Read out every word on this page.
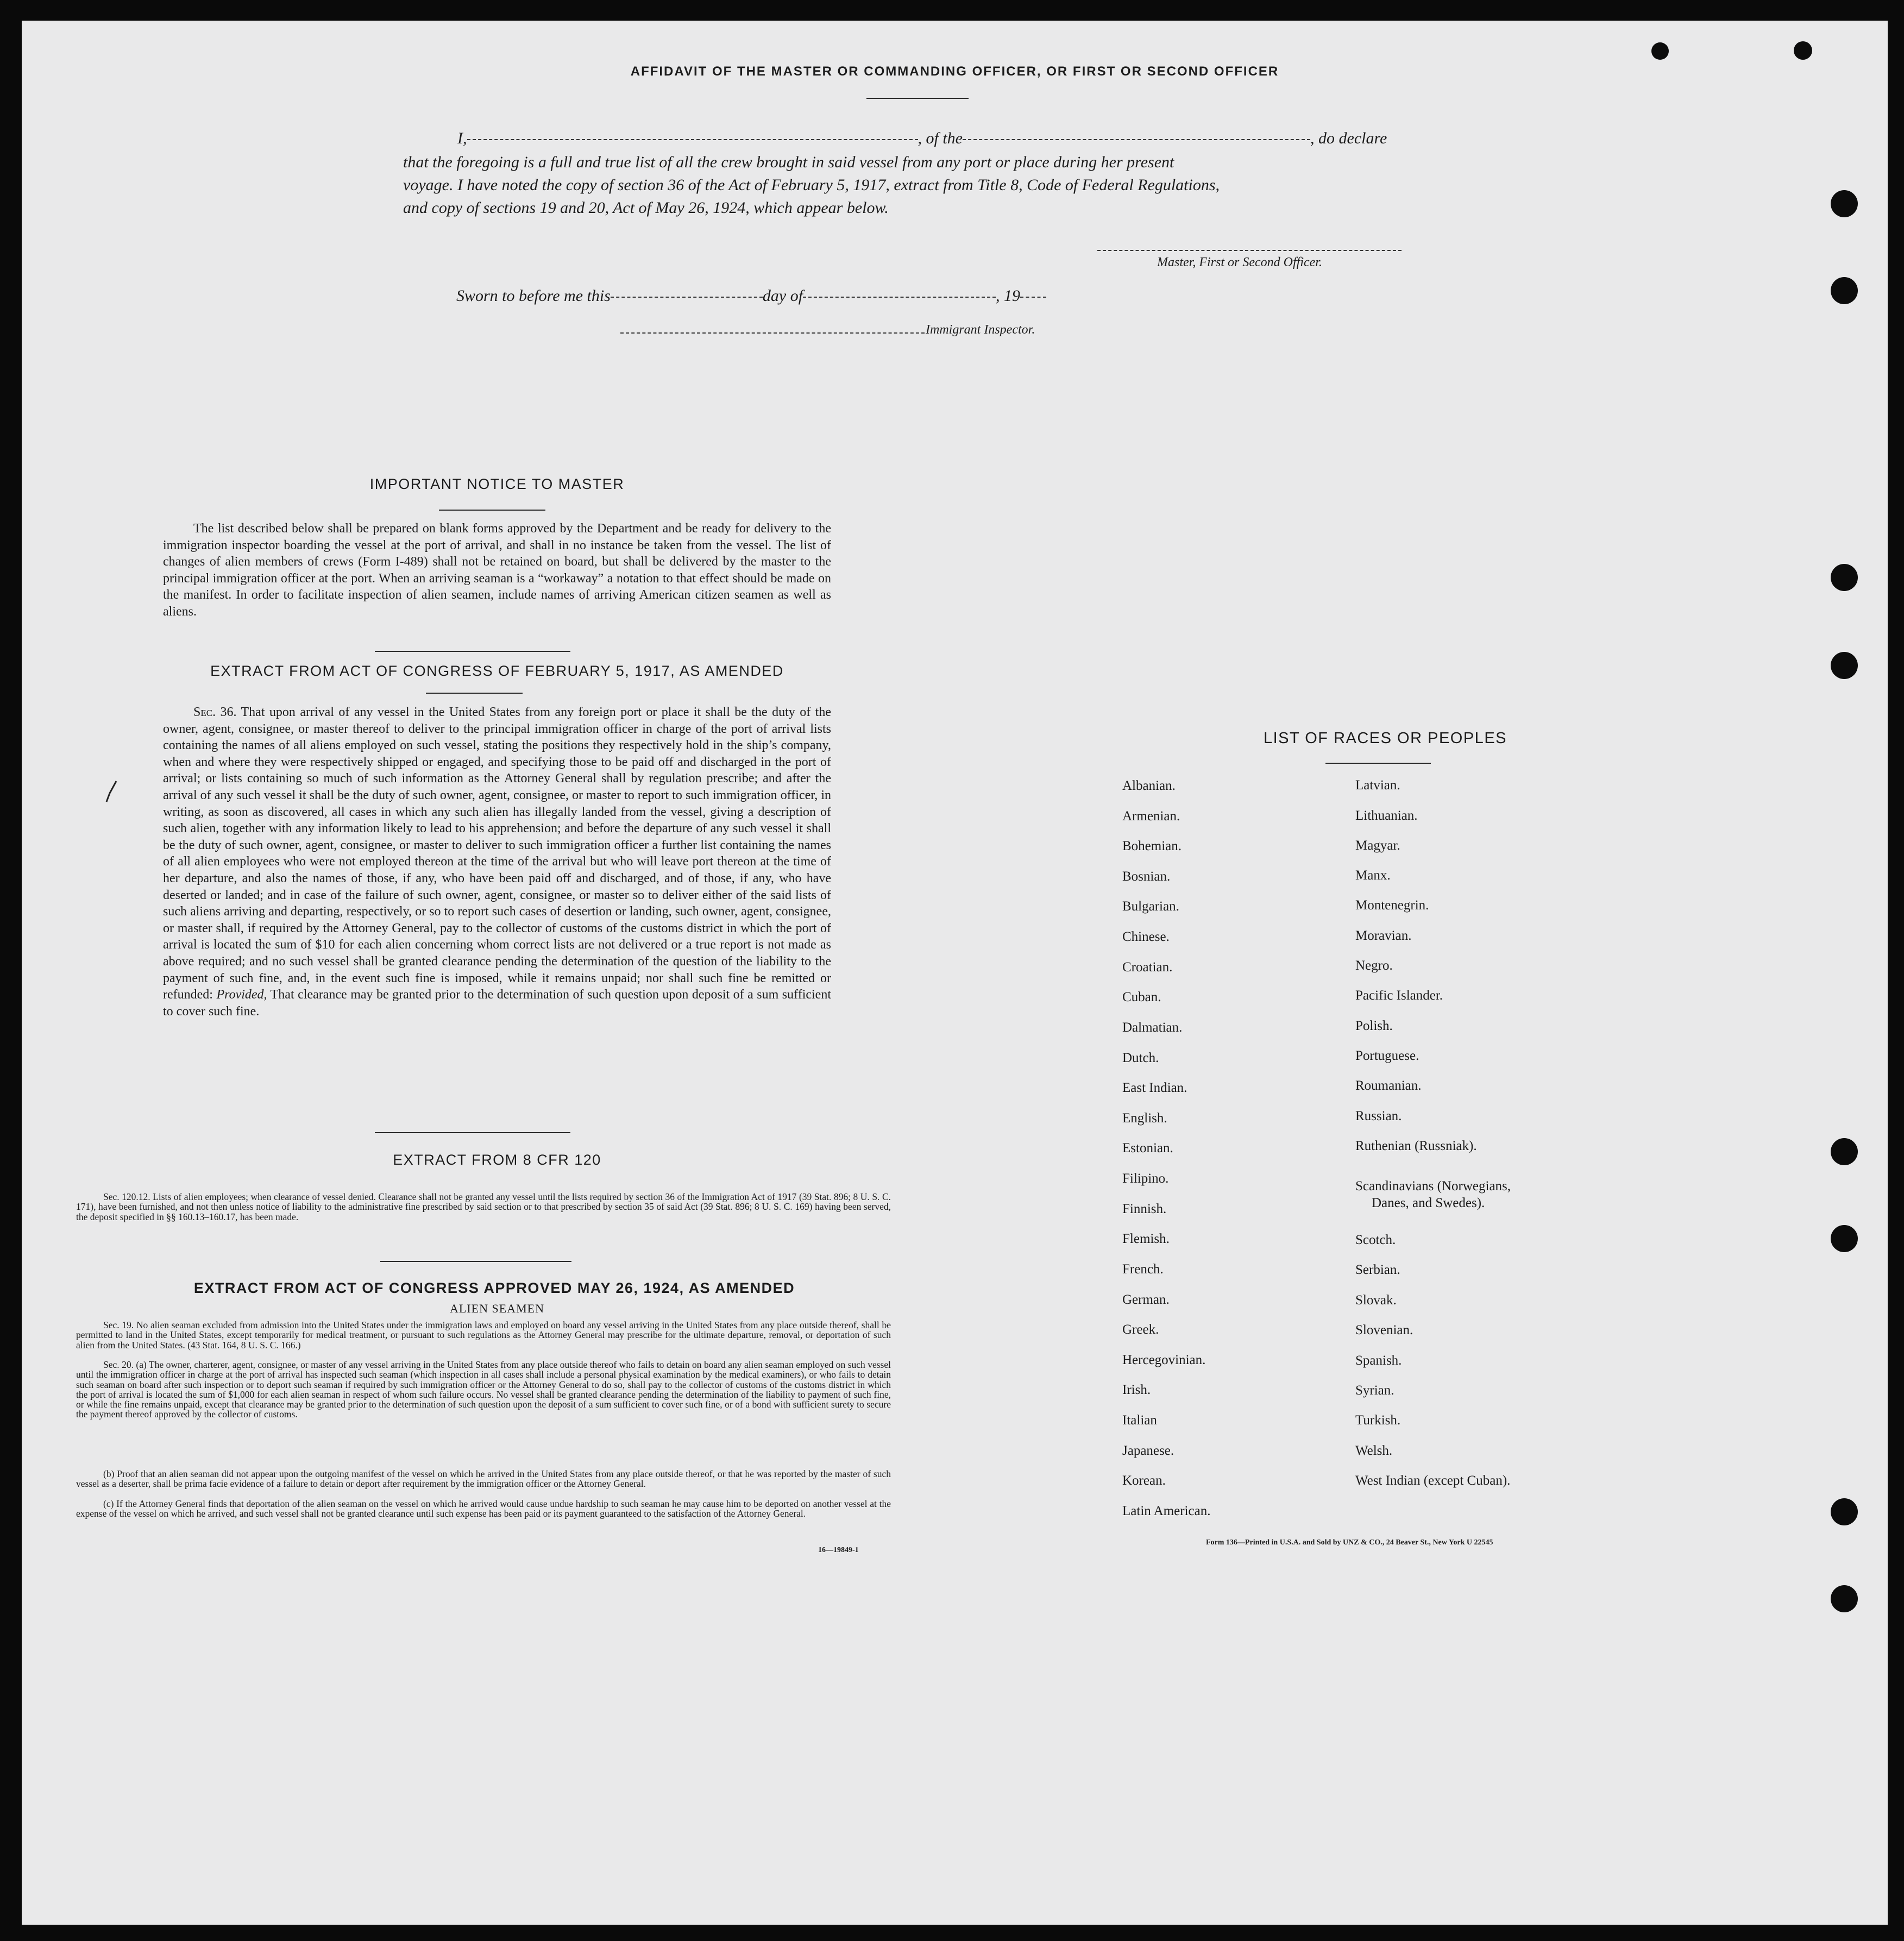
AFFIDAVIT OF THE MASTER OR COMMANDING OFFICER, OR FIRST OR SECOND OFFICER
I,	, of the	, do declare
that the foregoing is a full and true list of all the crew brought in said vessel from any port or place during her present
voyage. I have noted the copy of section 36 of the Act of February 5, 1917, extract from Title 8, Code of Federal Regulations,
and copy of sections 19 and 20, Act of May 26, 1924, which appear below.
Master, First or Second Officer.
Sworn to before me this	day of	, 19
Immigrant Inspector.
IMPORTANT NOTICE TO MASTER
The list described below shall be prepared on blank forms approved by the Department and be ready for delivery to the immigration inspector boarding the vessel at the port of arrival, and shall in no instance be taken from the vessel. The list of changes of alien members of crews (Form I-489) shall not be retained on board, but shall be delivered by the master to the principal immigration officer at the port. When an arriving seaman is a “workaway” a notation to that effect should be made on the manifest. In order to facilitate inspection of alien seamen, include names of arriving American citizen seamen as well as aliens.
EXTRACT FROM ACT OF CONGRESS OF FEBRUARY 5, 1917, AS AMENDED
Sec. 36. That upon arrival of any vessel in the United States from any foreign port or place it shall be the duty of the owner, agent, consignee, or master thereof to deliver to the principal immigration officer in charge of the port of arrival lists containing the names of all aliens employed on such vessel, stating the positions they respectively hold in the ship’s company, when and where they were respectively shipped or engaged, and specifying those to be paid off and discharged in the port of arrival; or lists containing so much of such information as the Attorney General shall by regulation prescribe; and after the arrival of any such vessel it shall be the duty of such owner, agent, consignee, or master to report to such immigration officer, in writing, as soon as discovered, all cases in which any such alien has illegally landed from the vessel, giving a description of such alien, together with any information likely to lead to his apprehension; and before the departure of any such vessel it shall be the duty of such owner, agent, consignee, or master to deliver to such immigration officer a further list containing the names of all alien employees who were not employed thereon at the time of the arrival but who will leave port thereon at the time of her departure, and also the names of those, if any, who have been paid off and discharged, and of those, if any, who have deserted or landed; and in case of the failure of such owner, agent, consignee, or master so to deliver either of the said lists of such aliens arriving and departing, respectively, or so to report such cases of desertion or landing, such owner, agent, consignee, or master shall, if required by the Attorney General, pay to the collector of customs of the customs district in which the port of arrival is located the sum of $10 for each alien concerning whom correct lists are not delivered or a true report is not made as above required; and no such vessel shall be granted clearance pending the determination of the question of the liability to the payment of such fine, and, in the event such fine is imposed, while it remains unpaid; nor shall such fine be remitted or refunded: Provided, That clearance may be granted prior to the determination of such question upon deposit of a sum sufficient to cover such fine.
EXTRACT FROM 8 CFR 120
Sec. 120.12. Lists of alien employees; when clearance of vessel denied. Clearance shall not be granted any vessel until the lists required by section 36 of the Immigration Act of 1917 (39 Stat. 896; 8 U. S. C. 171), have been furnished, and not then unless notice of liability to the administrative fine prescribed by said section or to that prescribed by section 35 of said Act (39 Stat. 896; 8 U. S. C. 169) having been served, the deposit specified in §§ 160.13–160.17, has been made.
EXTRACT FROM ACT OF CONGRESS APPROVED MAY 26, 1924, AS AMENDED
ALIEN SEAMEN
Sec. 19. No alien seaman excluded from admission into the United States under the immigration laws and employed on board any vessel arriving in the United States from any place outside thereof, shall be permitted to land in the United States, except temporarily for medical treatment, or pursuant to such regulations as the Attorney General may prescribe for the ultimate departure, removal, or deportation of such alien from the United States. (43 Stat. 164, 8 U. S. C. 166.)
Sec. 20. (a) The owner, charterer, agent, consignee, or master of any vessel arriving in the United States from any place outside thereof who fails to detain on board any alien seaman employed on such vessel until the immigration officer in charge at the port of arrival has inspected such seaman (which inspection in all cases shall include a personal physical examination by the medical examiners), or who fails to detain such seaman on board after such inspection or to deport such seaman if required by such immigration officer or the Attorney General to do so, shall pay to the collector of customs of the customs district in which the port of arrival is located the sum of $1,000 for each alien seaman in respect of whom such failure occurs. No vessel shall be granted clearance pending the determination of the liability to payment of such fine, or while the fine remains unpaid, except that clearance may be granted prior to the determination of such question upon the deposit of a sum sufficient to cover such fine, or of a bond with sufficient surety to secure the payment thereof approved by the collector of customs.
(b) Proof that an alien seaman did not appear upon the outgoing manifest of the vessel on which he arrived in the United States from any place outside thereof, or that he was reported by the master of such vessel as a deserter, shall be prima facie evidence of a failure to detain or deport after requirement by the immigration officer or the Attorney General.
(c) If the Attorney General finds that deportation of the alien seaman on the vessel on which he arrived would cause undue hardship to such seaman he may cause him to be deported on another vessel at the expense of the vessel on which he arrived, and such vessel shall not be granted clearance until such expense has been paid or its payment guaranteed to the satisfaction of the Attorney General.
16—19849-1
LIST OF RACES OR PEOPLES
Albanian.
Armenian.
Bohemian.
Bosnian.
Bulgarian.
Chinese.
Croatian.
Cuban.
Dalmatian.
Dutch.
East Indian.
English.
Estonian.
Filipino.
Finnish.
Flemish.
French.
German.
Greek.
Hercegovinian.
Irish.
Italian
Japanese.
Korean.
Latin American.
Latvian.
Lithuanian.
Magyar.
Manx.
Montenegrin.
Moravian.
Negro.
Pacific Islander.
Polish.
Portuguese.
Roumanian.
Russian.
Ruthenian (Russniak).
Scandinavians (Norwegians,
Danes, and Swedes).
Scotch.
Serbian.
Slovak.
Slovenian.
Spanish.
Syrian.
Turkish.
Welsh.
West Indian (except Cuban).
Form 136—Printed in U.S.A. and Sold by UNZ & CO., 24 Beaver St., New York U 22545
